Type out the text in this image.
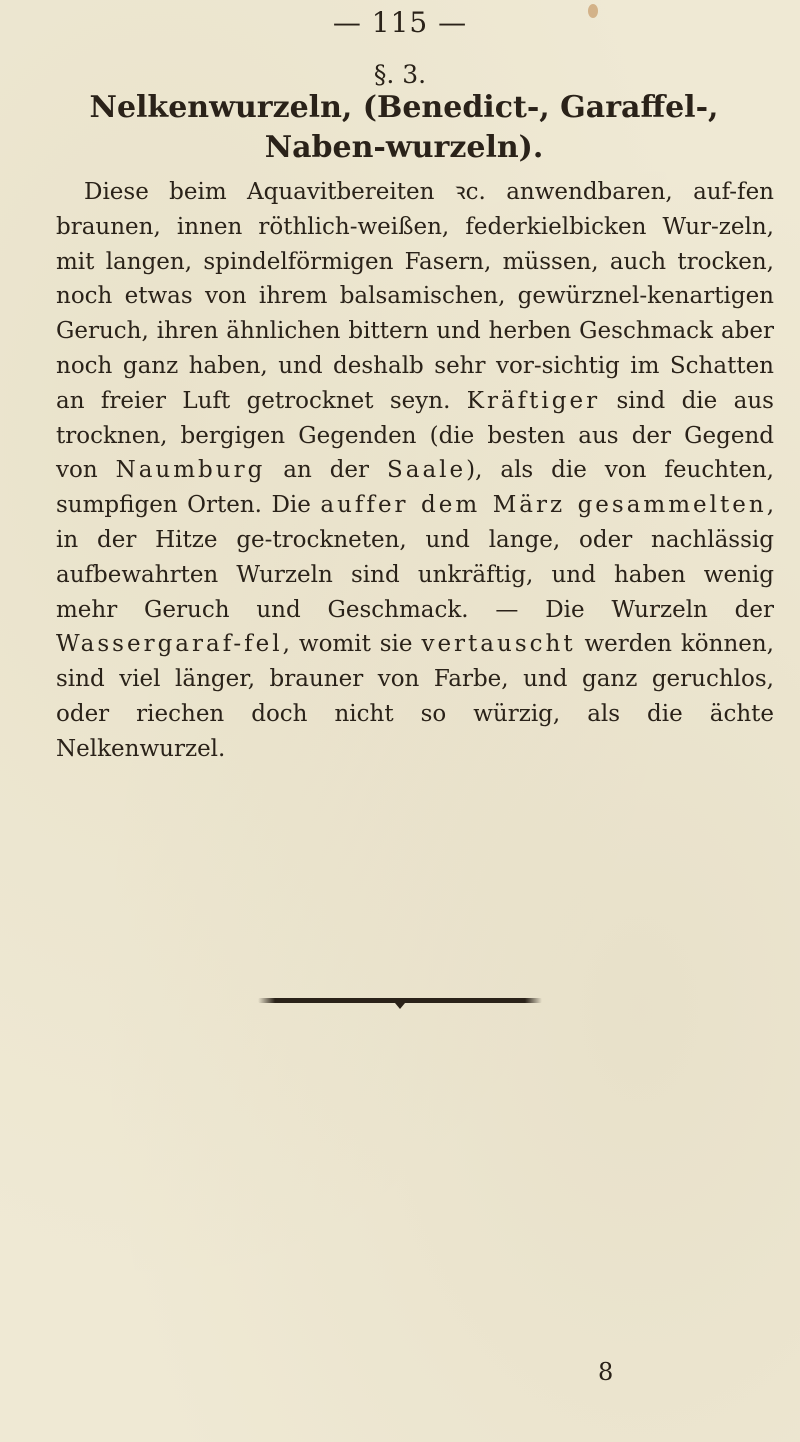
— 115 —
§. 3.
Nelkenwurzeln, (Benedict-, Garaffel-, Naben-wurzeln).

Diese beim Aquavitbereiten ꝛc. anwendbaren, auf-fen braunen, innen röthlich-weißen, federkielbicken Wur-zeln, mit langen, spindelförmigen Fasern, müssen, auch trocken, noch etwas von ihrem balsamischen, gewürznel-kenartigen Geruch, ihren ähnlichen bittern und herben Geschmack aber noch ganz haben, und deshalb sehr vor-sichtig im Schatten an freier Luft getrocknet seyn. Kräftiger sind die aus trocknen, bergigen Gegenden (die besten aus der Gegend von Naumburg an der Saale), als die von feuchten, sumpfigen Orten. Die auffer dem März gesammelten, in der Hitze ge-trockneten, und lange, oder nachlässig aufbewahrten Wurzeln sind unkräftig, und haben wenig mehr Geruch und Geschmack. — Die Wurzeln der Wassergaraf-fel, womit sie vertauscht werden können, sind viel länger, brauner von Farbe, und ganz geruchlos, oder riechen doch nicht so würzig, als die ächte Nelkenwurzel.

8
